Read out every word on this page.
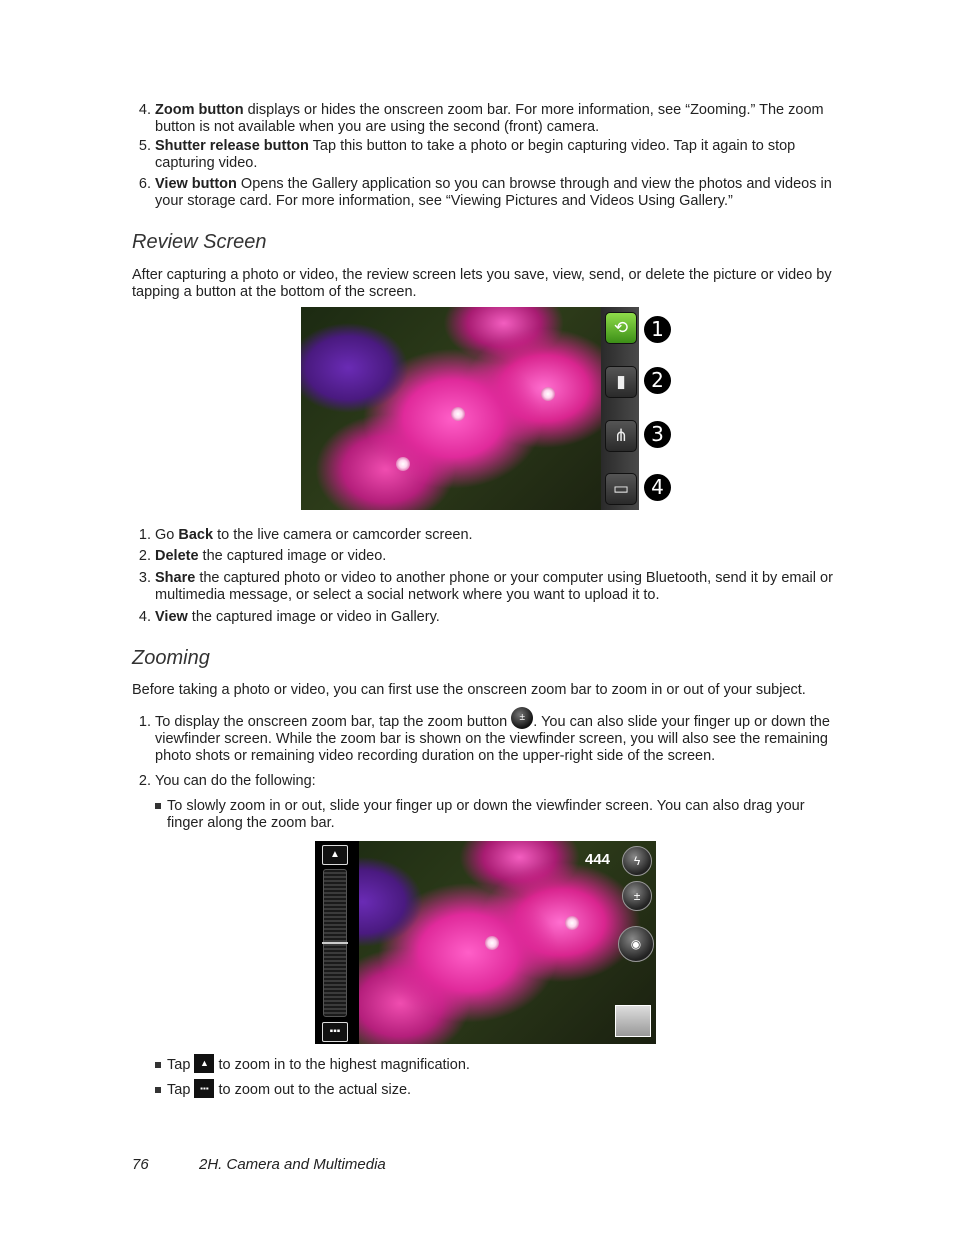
4. Zoom button displays or hides the onscreen zoom bar. For more information, see “Zooming.” The zoom button is not available when you are using the second (front) camera.
5. Shutter release button Tap this button to take a photo or begin capturing video. Tap it again to stop capturing video.
6. View button Opens the Gallery application so you can browse through and view the photos and videos in your storage card. For more information, see “Viewing Pictures and Videos Using Gallery.”
Review Screen
After capturing a photo or video, the review screen lets you save, view, send, or delete the picture or video by tapping a button at the bottom of the screen.
⟲
▮
⋔
▭
1
2
3
4
1. Go Back to the live camera or camcorder screen.
2. Delete the captured image or video.
3. Share the captured photo or video to another phone or your computer using Bluetooth, send it by email or multimedia message, or select a social network where you want to upload it to.
4. View the captured image or video in Gallery.
Zooming
Before taking a photo or video, you can first use the onscreen zoom bar to zoom in or out of your subject.
1. To display the onscreen zoom bar, tap the zoom button ± . You can also slide your finger up or down the viewfinder screen. While the zoom bar is shown on the viewfinder screen, you will also see the remaining photo shots or remaining video recording duration on the upper-right side of the screen.
2. You can do the following:
To slowly zoom in or out, slide your finger up or down the viewfinder screen. You can also drag your finger along the zoom bar.
▲
▪▪▪
444	ϟ
±
◉
Tap ▲ to zoom in to the highest magnification.
Tap ▪▪▪ to zoom out to the actual size.
76	2H. Camera and Multimedia
